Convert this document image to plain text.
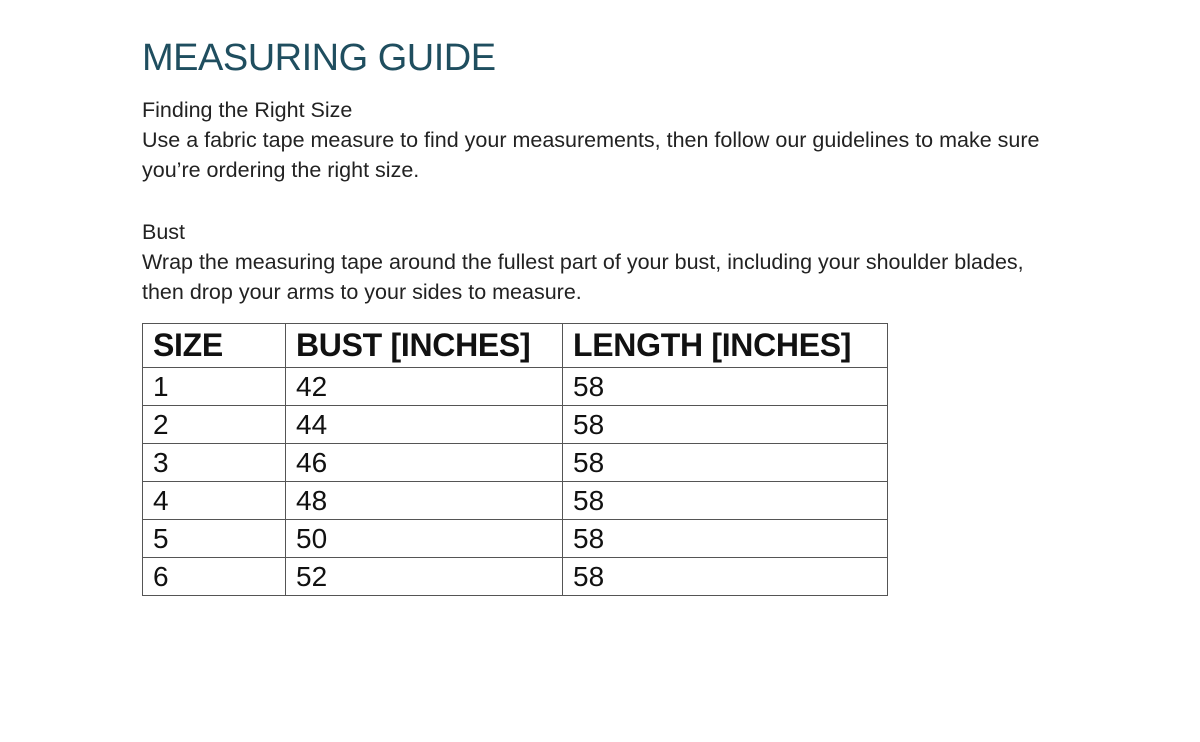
MEASURING GUIDE

Finding the Right Size

Use a fabric tape measure to find your measurements, then follow our guidelines to make sure you’re ordering the right size.

Bust

Wrap the measuring tape around the fullest part of your bust, including your shoulder blades, then drop your arms to your sides to measure.

SIZE	BUST [INCHES]	LENGTH [INCHES]
1	42	58
2	44	58
3	46	58
4	48	58
5	50	58
6	52	58
